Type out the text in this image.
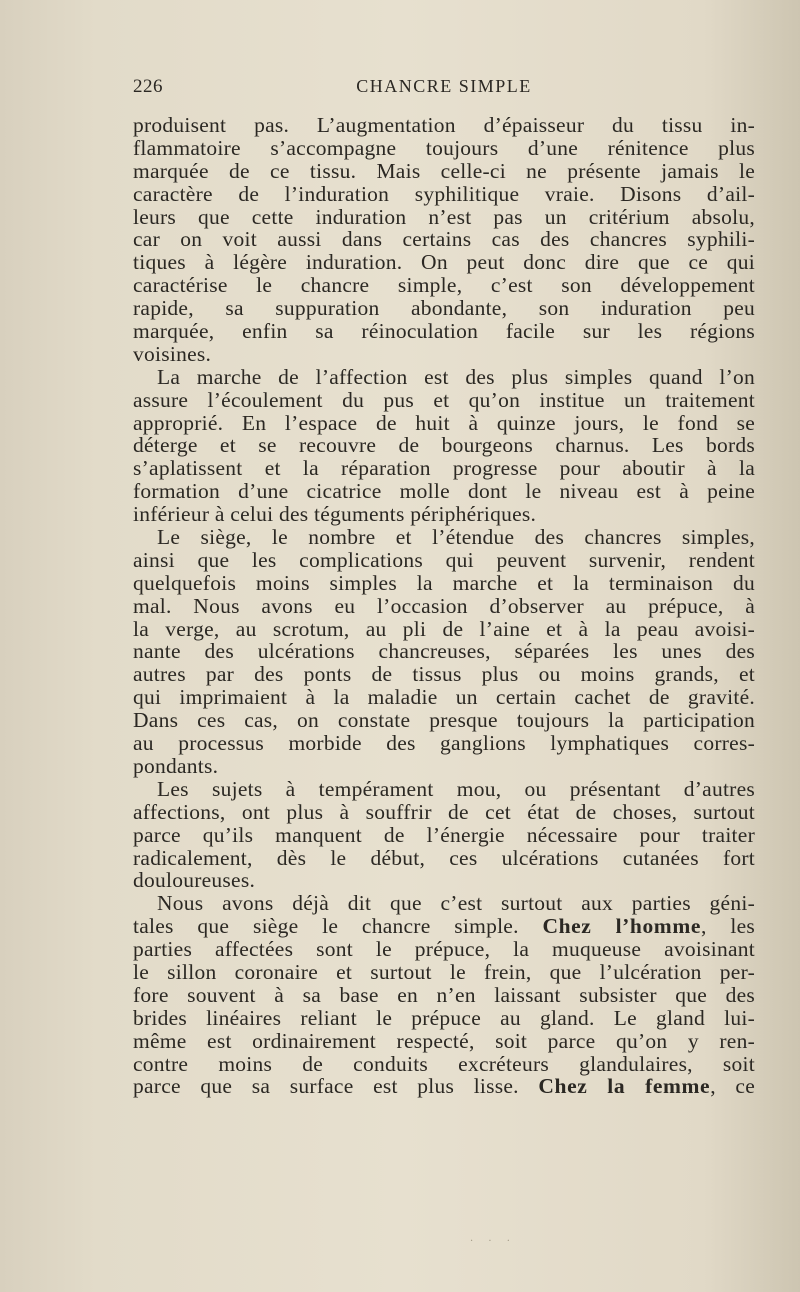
226	CHANCRE SIMPLE
produisent pas. L’augmentation d’épaisseur du tissu in-
flammatoire s’accompagne toujours d’une rénitence plus
marquée de ce tissu. Mais celle-ci ne présente jamais le
caractère de l’induration syphilitique vraie. Disons d’ail-
leurs que cette induration n’est pas un critérium absolu,
car on voit aussi dans certains cas des chancres syphili-
tiques à légère induration. On peut donc dire que ce qui
caractérise le chancre simple, c’est son développement
rapide, sa suppuration abondante, son induration peu
marquée, enfin sa réinoculation facile sur les régions
voisines.
La marche de l’affection est des plus simples quand l’on
assure l’écoulement du pus et qu’on institue un traitement
approprié. En l’espace de huit à quinze jours, le fond se
déterge et se recouvre de bourgeons charnus. Les bords
s’aplatissent et la réparation progresse pour aboutir à la
formation d’une cicatrice molle dont le niveau est à peine
inférieur à celui des téguments périphériques.
Le siège, le nombre et l’étendue des chancres simples,
ainsi que les complications qui peuvent survenir, rendent
quelquefois moins simples la marche et la terminaison du
mal. Nous avons eu l’occasion d’observer au prépuce, à
la verge, au scrotum, au pli de l’aine et à la peau avoisi-
nante des ulcérations chancreuses, séparées les unes des
autres par des ponts de tissus plus ou moins grands, et
qui imprimaient à la maladie un certain cachet de gravité.
Dans ces cas, on constate presque toujours la participation
au processus morbide des ganglions lymphatiques corres-
pondants.
Les sujets à tempérament mou, ou présentant d’autres
affections, ont plus à souffrir de cet état de choses, surtout
parce qu’ils manquent de l’énergie nécessaire pour traiter
radicalement, dès le début, ces ulcérations cutanées fort
douloureuses.
Nous avons déjà dit que c’est surtout aux parties géni-
tales que siège le chancre simple. Chez l’homme, les
parties affectées sont le prépuce, la muqueuse avoisinant
le sillon coronaire et surtout le frein, que l’ulcération per-
fore souvent à sa base en n’en laissant subsister que des
brides linéaires reliant le prépuce au gland. Le gland lui-
même est ordinairement respecté, soit parce qu’on y ren-
contre moins de conduits excréteurs glandulaires, soit
parce que sa surface est plus lisse. Chez la femme, ce
· · ·
